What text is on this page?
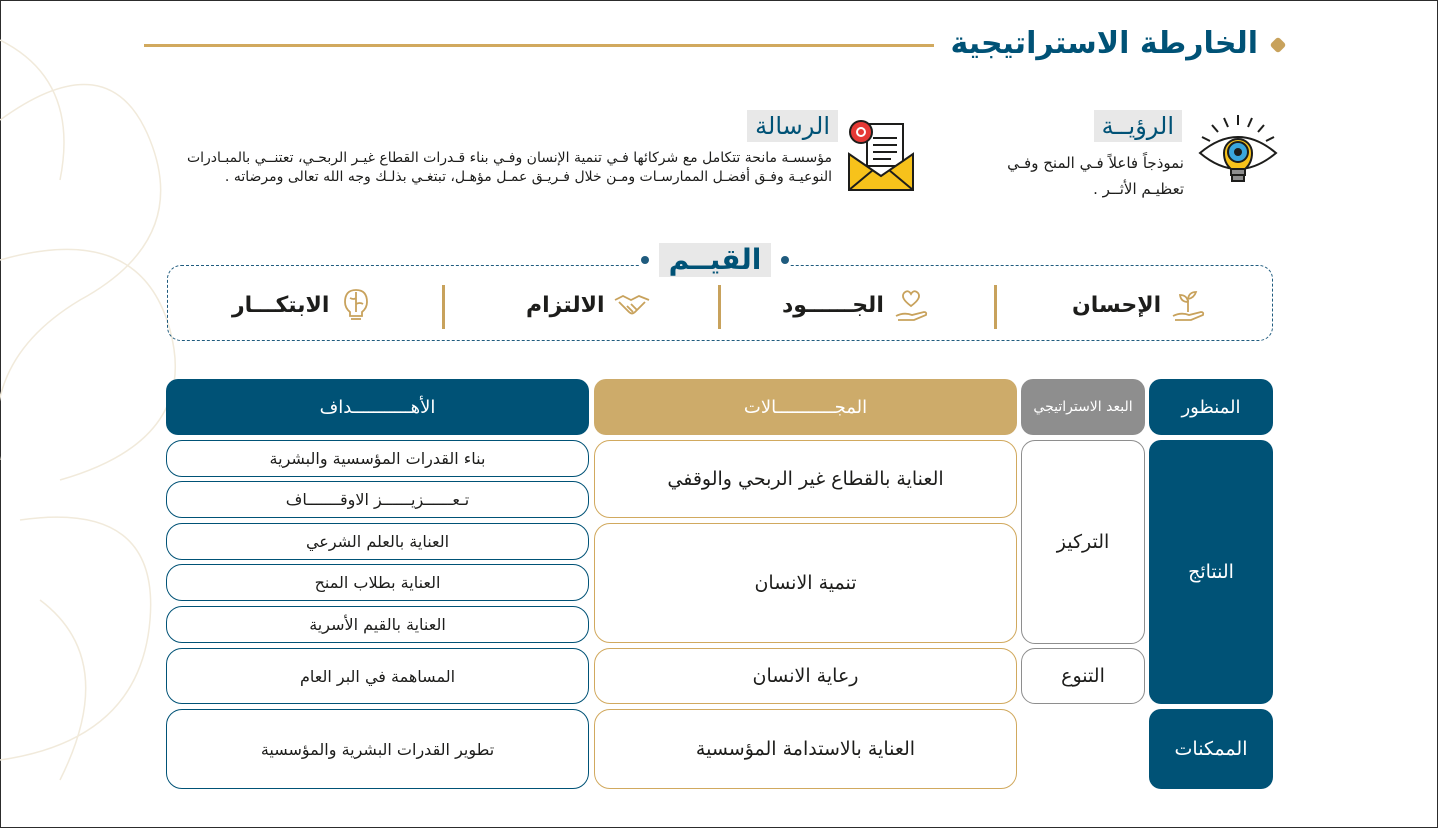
الخارطة الاستراتيجية
الرؤيــة
نموذجاً فاعلاً فـي المنح وفـي تعظيـم الأثــر .
الرسالة
مؤسسـة مانحة تتكامل مع شركائها فـي تنمية الإنسان وفـي بناء قـدرات القطاع غيـر الربحـي، تعتنــي بالمبـادرات النوعيـة وفـق أفضـل الممارسـات ومـن خلال فـريـق عمـل مؤهـل، تبتغـي بذلـك وجه الله تعالى ومرضاته .
القيــم
الإحسان
الجــــــود
الالتزام
الابتكـــار
المنظور
البعد الاستراتيجي
المجـــــــــــالات
الأهـــــــــــداف
النتائج
الممكنات
التركيز
التنوع
العناية بالقطاع غير الربحي والوقفي
تنمية الانسان
رعاية الانسان
العناية بالاستدامة المؤسسية
بناء القدرات المؤسسية والبشرية
تـعــــــزيــــــز الاوقـــــــاف
العناية بالعلم الشرعي
العناية بطلاب المنح
العناية بالقيم الأسرية
المساهمة في البر العام
تطوير القدرات البشرية والمؤسسية
